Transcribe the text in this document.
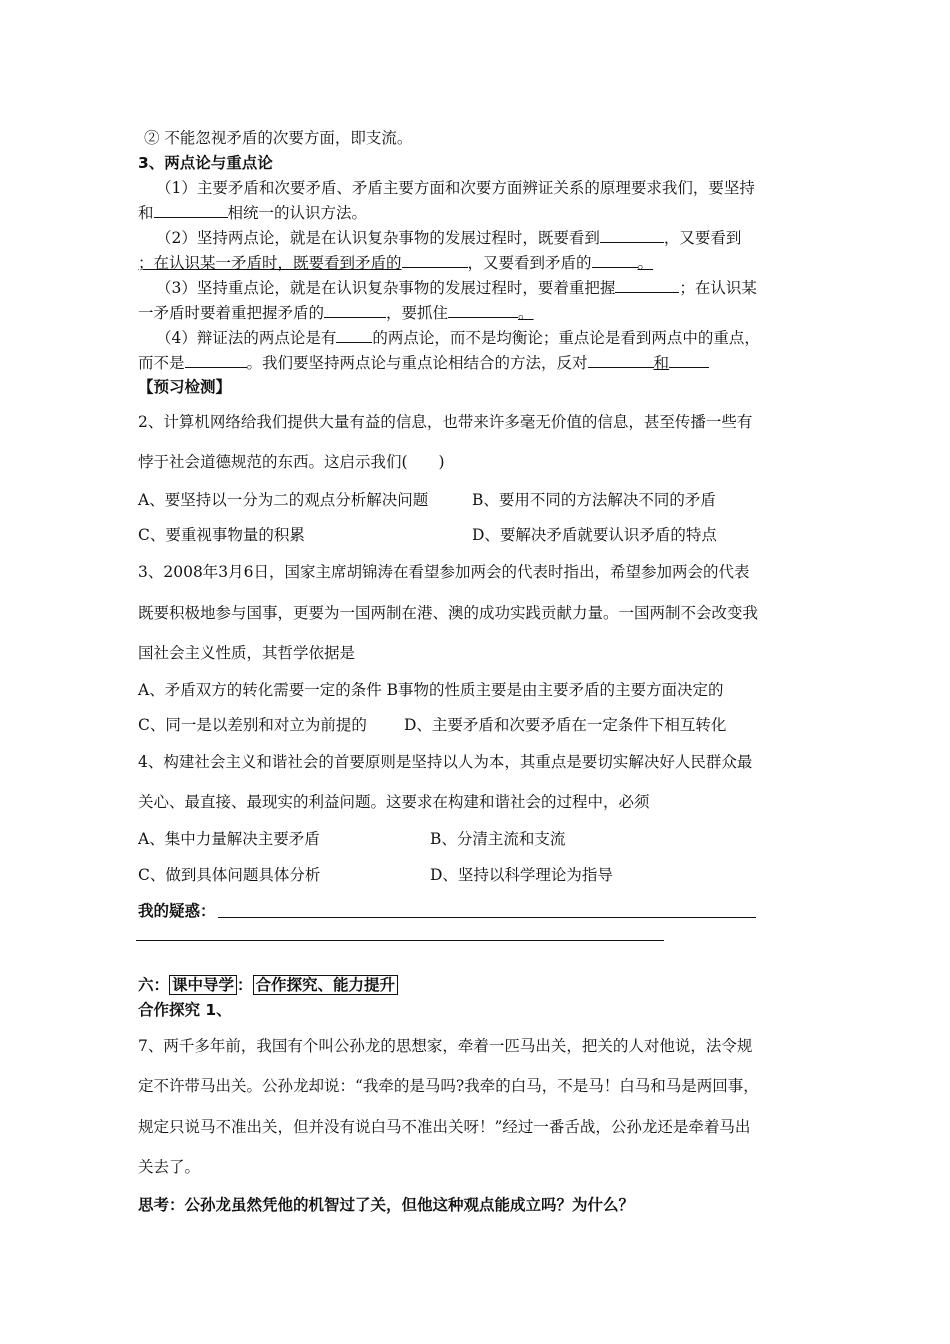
② 不能忽视矛盾的次要方面，即支流。
3、两点论与重点论
（1）主要矛盾和次要矛盾、矛盾主要方面和次要方面辨证关系的原理要求我们，要坚持
和	相统一的认识方法。
（2）坚持两点论，就是在认识复杂事物的发展过程时，既要看到	，又要看到
；在认识某一矛盾时，既要看到矛盾的	，又要看到矛盾的	。
（3）坚持重点论，就是在认识复杂事物的发展过程时，要着重把握	；在认识某
一矛盾时要着重把握矛盾的	，要抓住	。
（4）辩证法的两点论是有 的两点论，而不是均衡论；重点论是看到两点中的重点，
而不是	。我们要坚持两点论与重点论相结合的方法，反对	和
【预习检测】
2、计算机网络给我们提供大量有益的信息，也带来许多毫无价值的信息，甚至传播一些有
悖于社会道德规范的东西。这启示我们(　　)
A、要坚持以一分为二的观点分析解决问题	B、要用不同的方法解决不同的矛盾
C、要重视事物量的积累	D、要解决矛盾就要认识矛盾的特点
3、2008年3月6日，国家主席胡锦涛在看望参加两会的代表时指出，希望参加两会的代表
既要积极地参与国事，更要为一国两制在港、澳的成功实践贡献力量。一国两制不会改变我
国社会主义性质，其哲学依据是
A、矛盾双方的转化需要一定的条件 B事物的性质主要是由主要矛盾的主要方面决定的
C、同一是以差别和对立为前提的 D、主要矛盾和次要矛盾在一定条件下相互转化
4、构建社会主义和谐社会的首要原则是坚持以人为本，其重点是要切实解决好人民群众最
关心、最直接、最现实的利益问题。这要求在构建和谐社会的过程中，必须
A、集中力量解决主要矛盾	B、分清主流和支流
C、做到具体问题具体分析	D、坚持以科学理论为指导
我的疑惑：
六： 课中导学 ： 合作探究、能力提升
合作探究 1、
7、两千多年前，我国有个叫公孙龙的思想家，牵着一匹马出关，把关的人对他说，法令规
定不许带马出关。公孙龙却说：“我牵的是马吗?我牵的白马，不是马！白马和马是两回事，
规定只说马不准出关，但并没有说白马不准出关呀！”经过一番舌战，公孙龙还是牵着马出
关去了。
思考：公孙龙虽然凭他的机智过了关，但他这种观点能成立吗？为什么？
